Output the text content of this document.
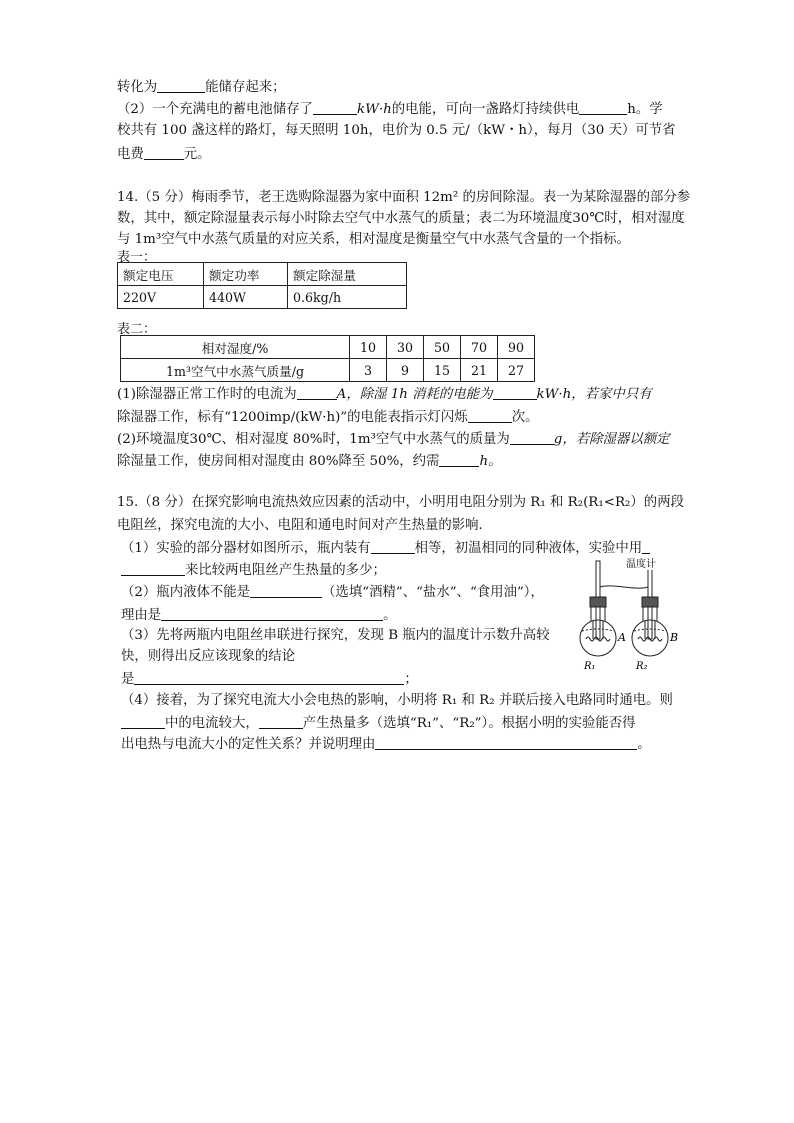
转化为	能储存起来；
（2）一个充满电的蓄电池储存了	kW·h的电能，可向一盏路灯持续供电	h。学
校共有 100 盏这样的路灯，每天照明 10h，电价为 0.5 元/（kW・h），每月（30 天）可节省
电费	元。
14.（5 分）梅雨季节，老王选购除湿器为家中面积 12m² 的房间除湿。表一为某除湿器的部分参
数，其中，额定除湿量表示每小时除去空气中水蒸气的质量；表二为环境温度30℃时，相对湿度
与 1m³空气中水蒸气质量的对应关系，相对湿度是衡量空气中水蒸气含量的一个指标。
表一：
额定电压	额定功率	额定除湿量
220V	440W	0.6kg/h
表二：
相对湿度/%	10	30	50	70	90
1m³空气中水蒸气质量/g	3	9	15	21	27
(1)除湿器正常工作时的电流为	A，除湿 1h 消耗的电能为	kW·h，若家中只有
除湿器工作，标有“1200imp/(kW·h)”的电能表指示灯闪烁	次。
(2)环境温度30℃、相对湿度 80%时，1m³空气中水蒸气的质量为	g，若除湿器以额定
除湿量工作，使房间相对湿度由 80%降至 50%，约需	h。
15.（8 分）在探究影响电流热效应因素的活动中，小明用电阻分别为 R₁ 和 R₂(R₁<R₂）的两段
电阻丝，探究电流的大小、电阻和通电时间对产生热量的影响.
（1）实验的部分器材如图所示，瓶内装有	相等，初温相同的同种液体，实验中用
来比较两电阻丝产生热量的多少；
（2）瓶内液体不能是	（选填“酒精”、“盐水”、“食用油”），
理由是	。
（3）先将两瓶内电阻丝串联进行探究，发现 B 瓶内的温度计示数升高较
快，则得出反应该现象的结论
是	；
（4）接着，为了探究电流大小会电热的影响，小明将 R₁ 和 R₂ 并联后接入电路同时通电。则
中的电流较大，	产生热量多（选填“R₁”、“R₂”）。根据小明的实验能否得
出电热与电流大小的定性关系？并说明理由	。
温度计
A	B
R₁	R₂
